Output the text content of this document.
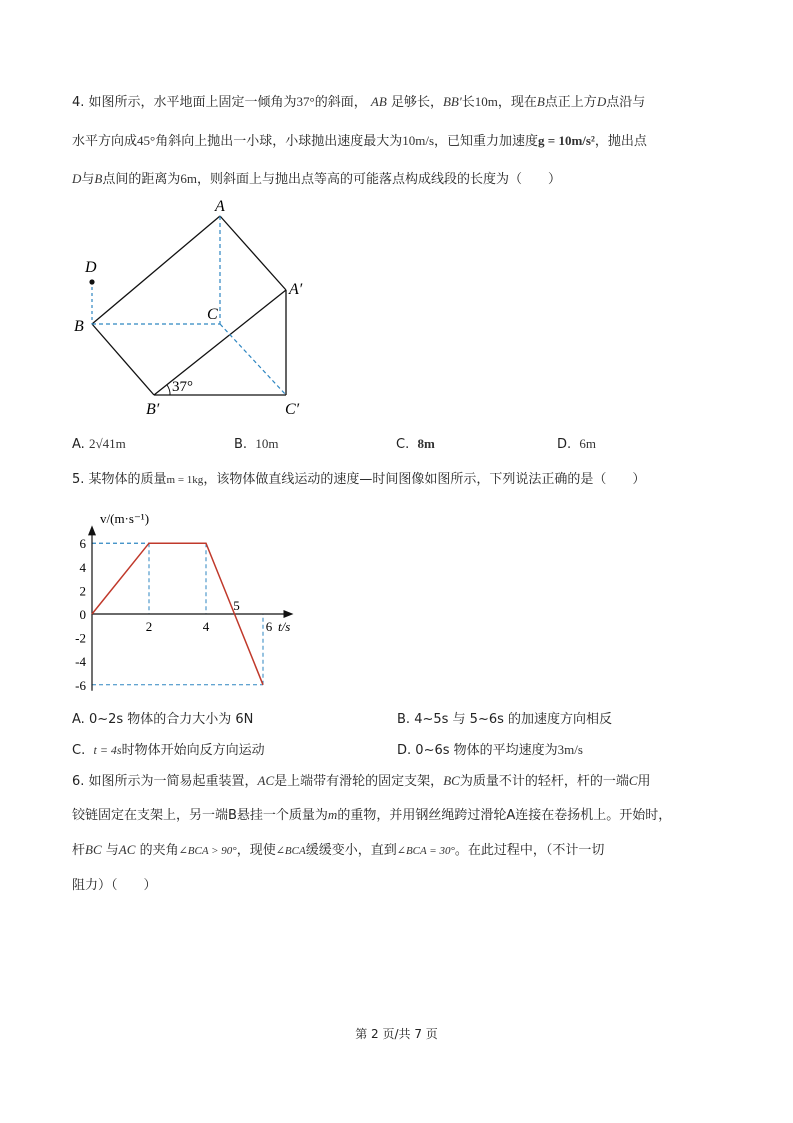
4. 如图所示，水平地面上固定一倾角为37°的斜面， AB 足够长，BB′长10m，现在B点正上方D点沿与
水平方向成45°角斜向上抛出一小球，小球抛出速度最大为10m/s，已知重力加速度g = 10m/s²，抛出点
D与B点间的距离为6m，则斜面上与抛出点等高的可能落点构成线段的长度为（　　）
A
D
A′
B
C
B′	C′
37°
A. 2√41m	B. 10m	C. 8m	D. 6m
5. 某物体的质量m = 1kg，该物体做直线运动的速度—时间图像如图所示，下列说法正确的是（　　）
6
4
2
0
-2
-4
-6
2	4
5
6
v/(m·s⁻¹)
t/s
A. 0~2s 物体的合力大小为 6N	B. 4~5s 与 5~6s 的加速度方向相反
C. t = 4s时物体开始向反方向运动	D. 0~6s 物体的平均速度为3m/s
6. 如图所示为一简易起重装置，AC是上端带有滑轮的固定支架，BC为质量不计的轻杆，杆的一端C用
铰链固定在支架上，另一端B悬挂一个质量为m的重物，并用钢丝绳跨过滑轮A连接在卷扬机上。开始时，
杆BC 与AC 的夹角∠BCA > 90°，现使∠BCA缓缓变小，直到∠BCA = 30°。在此过程中，（不计一切
阻力）（　　）
第 2 页/共 7 页
